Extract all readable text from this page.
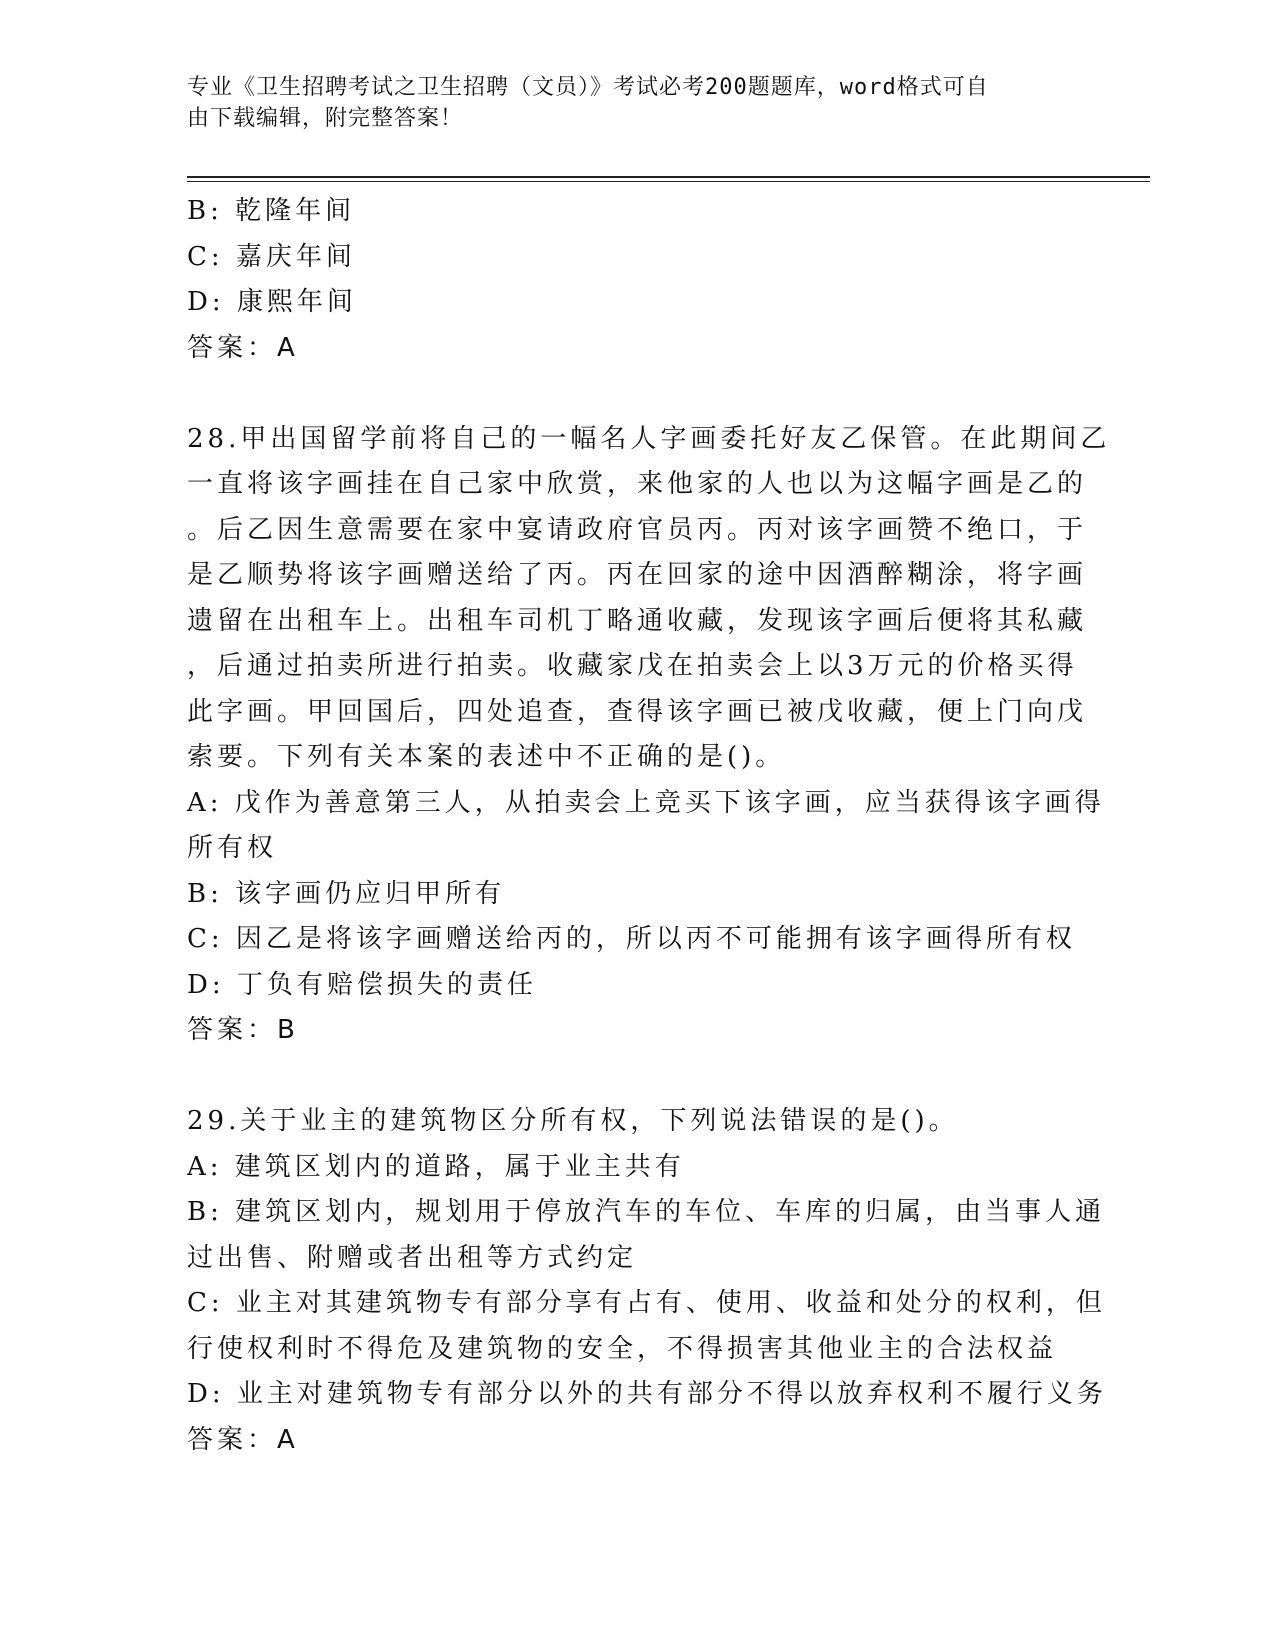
专业《卫生招聘考试之卫生招聘（文员）》考试必考200题题库，word格式可自
由下载编辑，附完整答案！
B: 乾隆年间
C: 嘉庆年间
D: 康熙年间
答案：A
28.甲出国留学前将自己的一幅名人字画委托好友乙保管。在此期间乙
一直将该字画挂在自己家中欣赏，来他家的人也以为这幅字画是乙的
。后乙因生意需要在家中宴请政府官员丙。丙对该字画赞不绝口，于
是乙顺势将该字画赠送给了丙。丙在回家的途中因酒醉糊涂，将字画
遗留在出租车上。出租车司机丁略通收藏，发现该字画后便将其私藏
，后通过拍卖所进行拍卖。收藏家戊在拍卖会上以3万元的价格买得
此字画。甲回国后，四处追查，查得该字画已被戊收藏，便上门向戊
索要。下列有关本案的表述中不正确的是()。
A: 戊作为善意第三人，从拍卖会上竞买下该字画，应当获得该字画得
所有权
B: 该字画仍应归甲所有
C: 因乙是将该字画赠送给丙的，所以丙不可能拥有该字画得所有权
D: 丁负有赔偿损失的责任
答案：B
29.关于业主的建筑物区分所有权，下列说法错误的是()。
A: 建筑区划内的道路，属于业主共有
B: 建筑区划内，规划用于停放汽车的车位、车库的归属，由当事人通
过出售、附赠或者出租等方式约定
C: 业主对其建筑物专有部分享有占有、使用、收益和处分的权利，但
行使权利时不得危及建筑物的安全，不得损害其他业主的合法权益
D: 业主对建筑物专有部分以外的共有部分不得以放弃权利不履行义务
答案：A
